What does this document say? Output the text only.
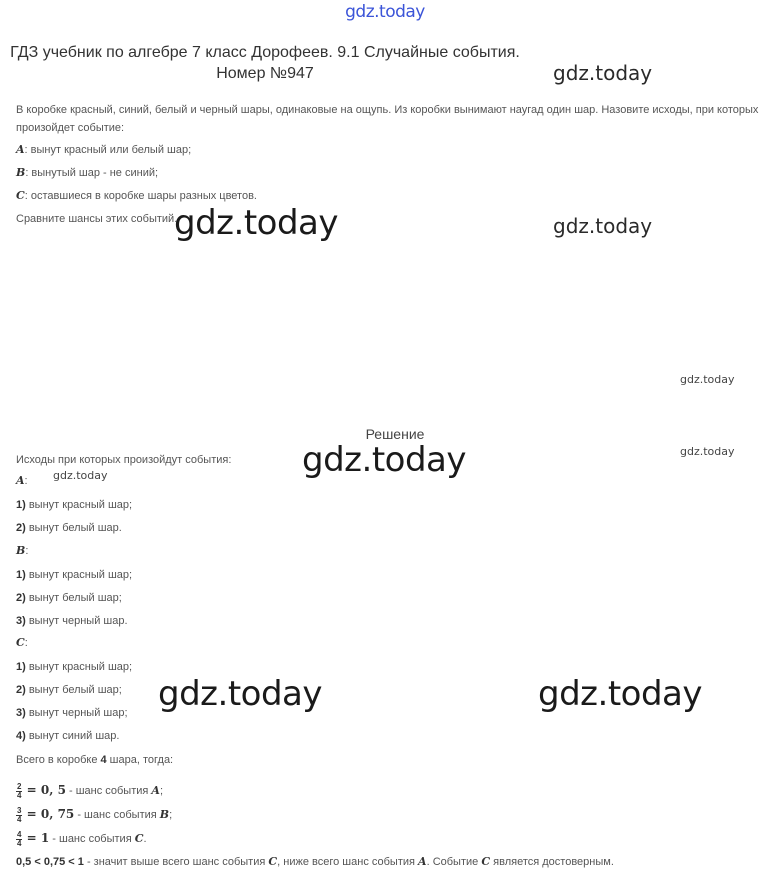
gdz.today
ГДЗ учебник по алгебре 7 класс Дорофеев. 9.1 Случайные события. Номер №947	gdz.today
gdz.today	gdz.today
gdz.today
gdz.today
gdz.today
gdz.today
gdz.today	gdz.today
В коробке красный, синий, белый и черный шары, одинаковые на ощупь. Из коробки вынимают наугад один шар. Назовите исходы, при которых произойдет событие:
A: вынут красный или белый шар;
B: вынутый шар - не синий;
C: оставшиеся в коробке шары разных цветов.
Сравните шансы этих событий.
Решение
Исходы при которых произойдут события:
A:
1) вынут красный шар;
2) вынут белый шар.
B:
1) вынут красный шар;
2) вынут белый шар;
3) вынут черный шар.
C:
1) вынут красный шар;
2) вынут белый шар;
3) вынут черный шар;
4) вынут синий шар.
Всего в коробке 4 шара, тогда:
$\frac{2}{4} = 0$, 5 - шанс события A;
$\frac{3}{4} = 0$, 75 - шанс события B;
$\frac{4}{4} = 1$ - шанс события C.
0,5 < 0,75 < 1 - значит выше всего шанс события C, ниже всего шанс события A. Событие C является достоверным.
